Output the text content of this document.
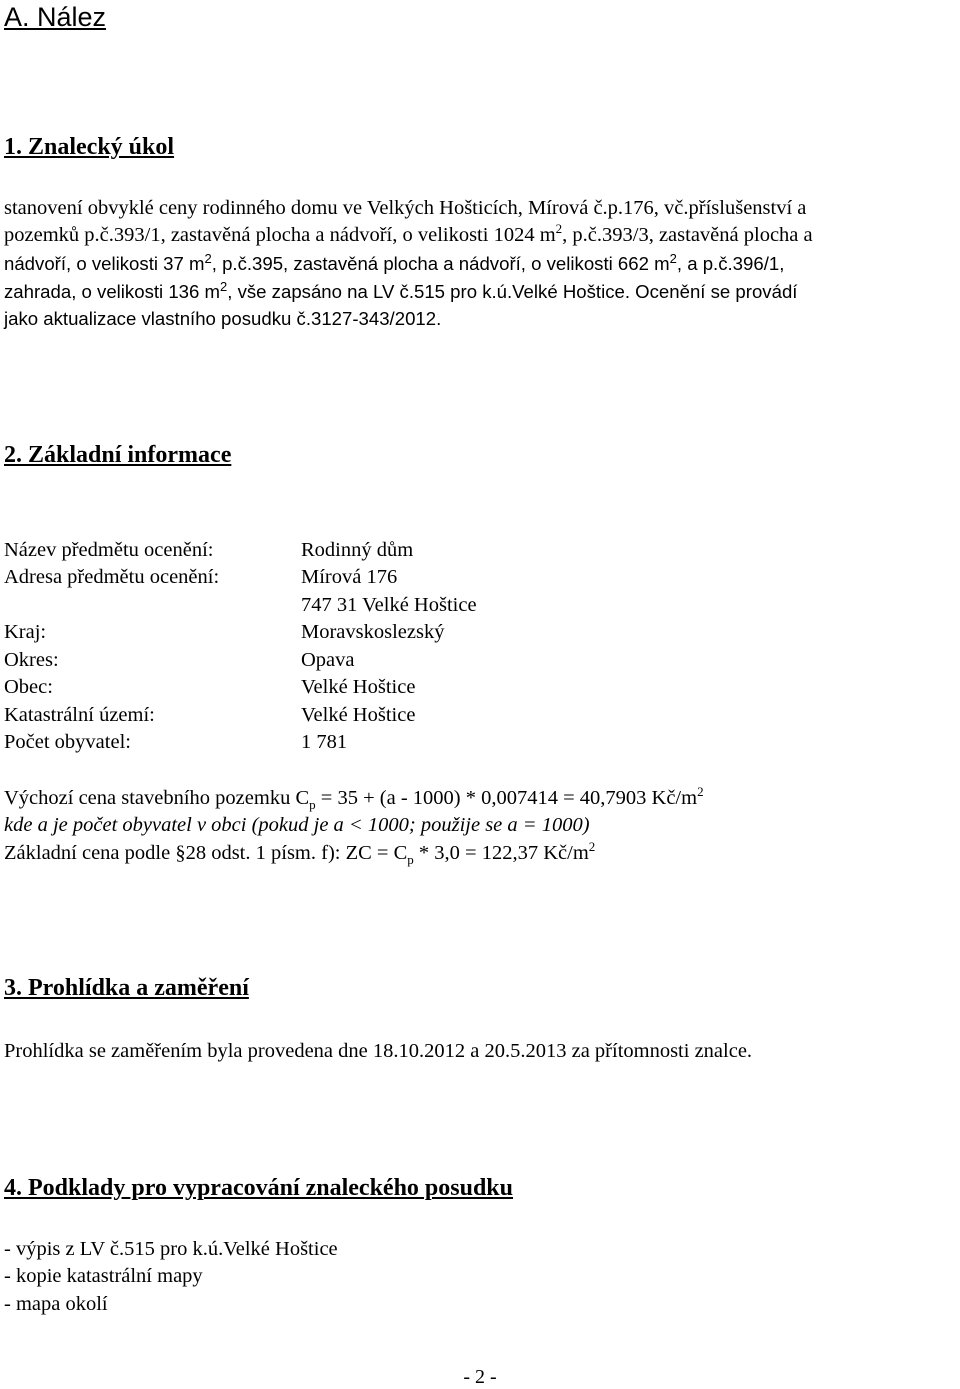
A. Nález
1. Znalecký úkol
stanovení obvyklé ceny rodinného domu ve Velkých Hošticích, Mírová č.p.176, vč.příslušenství a
pozemků p.č.393/1, zastavěná plocha a nádvoří, o velikosti 1024 $m^2$, p.č.393/3, zastavěná plocha a
nádvoří, o velikosti 37 $m^2$, p.č.395, zastavěná plocha a nádvoří, o velikosti 662 $m^2$, a p.č.396/1,
zahrada, o velikosti 136 $m^2$, vše zapsáno na LV č.515 pro k.ú.Velké Hoštice. Ocenění se provádí
jako aktualizace vlastního posudku č.3127-343/2012.
2. Základní informace
Název předmětu ocenění:	Rodinný dům
Adresa předmětu ocenění:	Mírová 176
747 31 Velké Hoštice
Kraj:	Moravskoslezský
Okres:	Opava
Obec:	Velké Hoštice
Katastrální území:	Velké Hoštice
Počet obyvatel:	1 781
Výchozí cena stavebního pozemku $C_p = 35 + (a - 1000) * 0,007414 = 40,7903$ $Kč/m^2$
kde a je počet obyvatel v obci (pokud je a < 1000; použije se a = 1000)
Základní cena podle §28 odst. 1 písm. f): ZC = $C_p * 3,0 = 122,37$ $Kč/m^2$
3. Prohlídka a zaměření
Prohlídka se zaměřením byla provedena dne 18.10.2012 a 20.5.2013 za přítomnosti znalce.
4. Podklady pro vypracování znaleckého posudku
- výpis z LV č.515 pro k.ú.Velké Hoštice
- kopie katastrální mapy
- mapa okolí
- 2 -
